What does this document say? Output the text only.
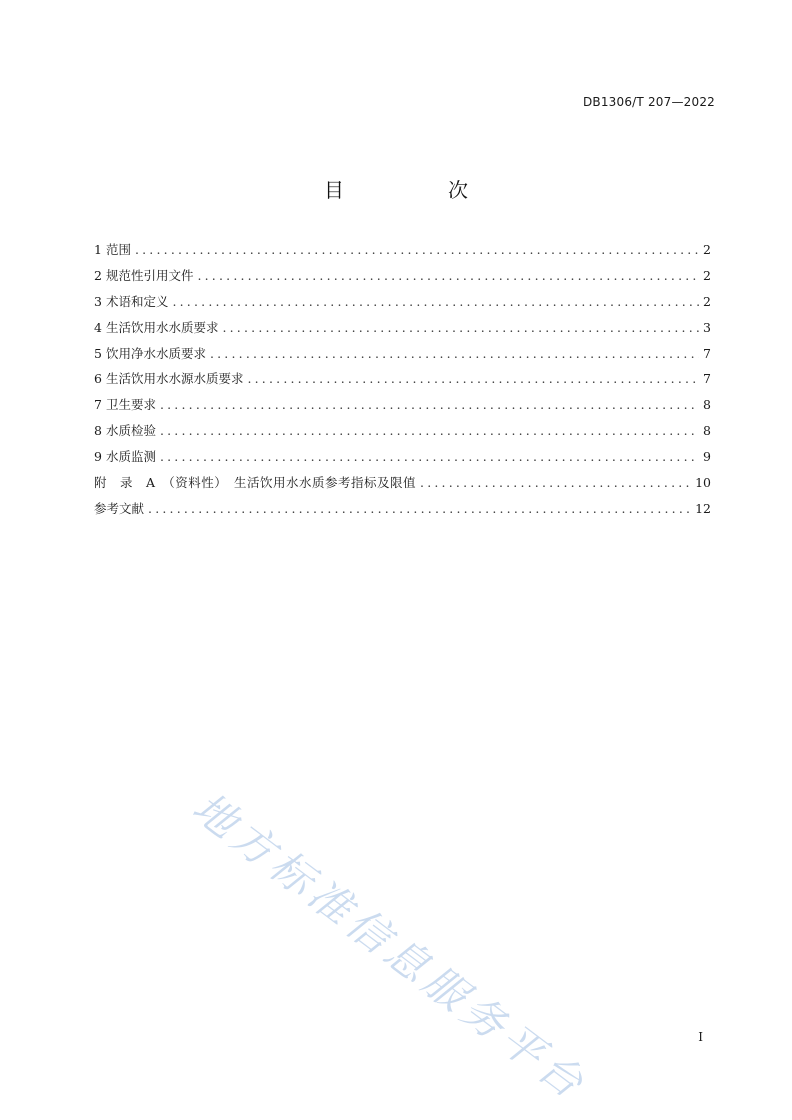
DB1306/T 207—2022
目　次
1 范围 .....	2
2 规范性引用文件 .....	2
3 术语和定义 .....	2
4 生活饮用水水质要求 .....	3
5 饮用净水水质要求 .....	7
6 生活饮用水水源水质要求 .....	7
7 卫生要求 .....	8
8 水质检验 .....	8
9 水质监测 .....	9
附　录　A　（资料性）　生活饮用水水质参考指标及限值 .....	10
参考文献 .....	12
地方标准信息服务平台	I
